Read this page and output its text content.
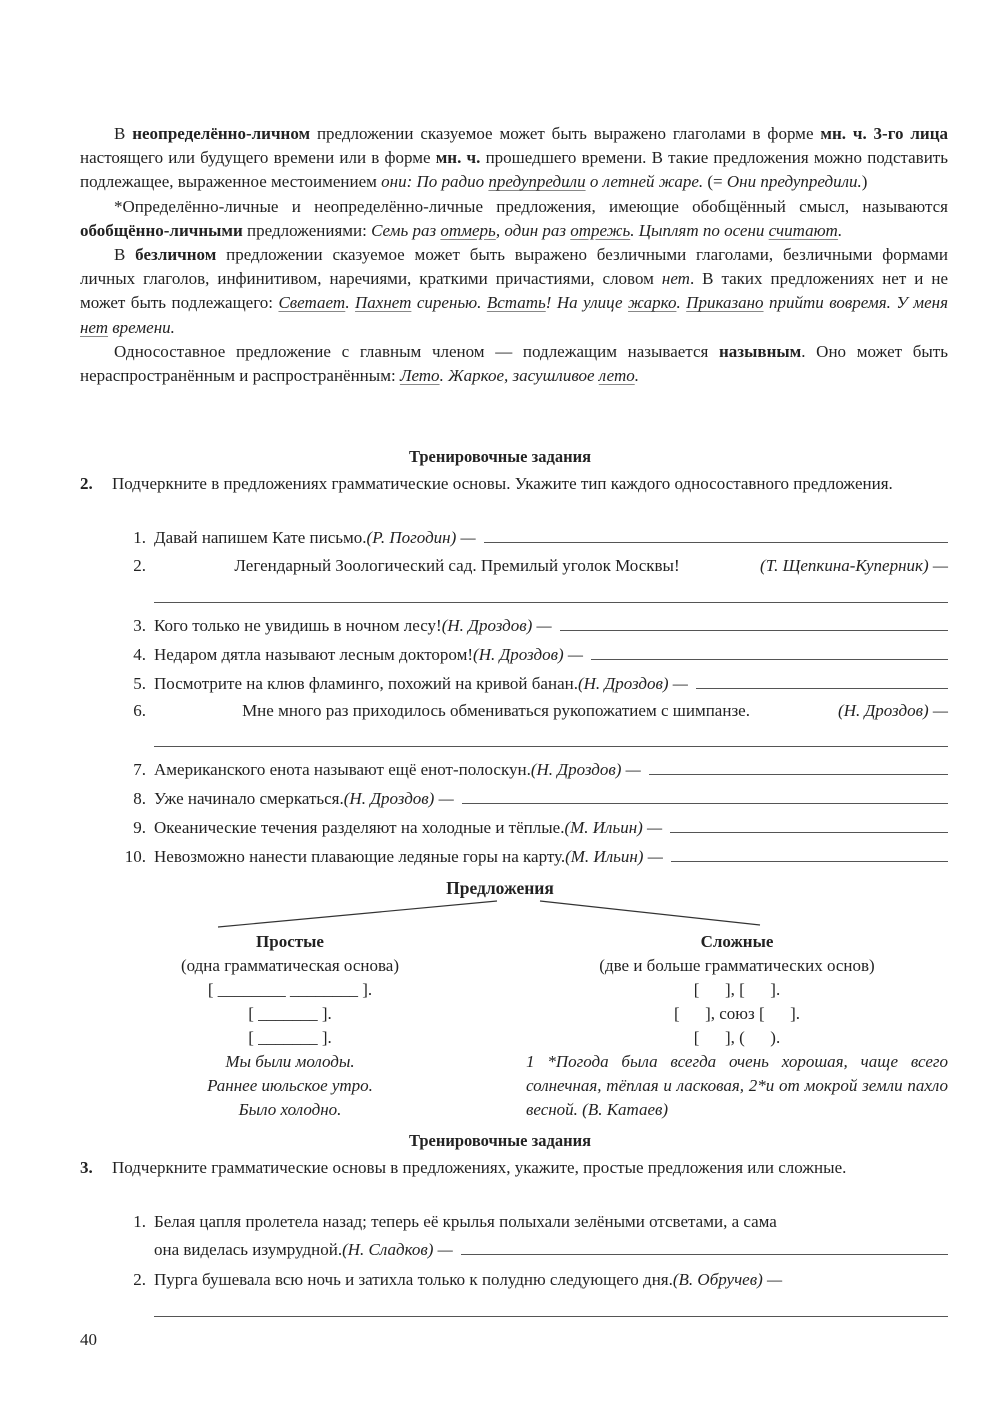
В неопределённо-личном предложении сказуемое может быть выражено глаголами в форме мн. ч. 3-го лица настоящего или будущего времени или в форме мн. ч. прошедшего времени. В такие предложения можно подставить подлежащее, выраженное местоимением они: По радио предупредили о летней жаре. (= Они предупредили.)

*Определённо-личные и неопределённо-личные предложения, имеющие обобщённый смысл, называются обобщённо-личными предложениями: Семь раз отмерь, один раз отрежь. Цыплят по осени считают.

В безличном предложении сказуемое может быть выражено безличными глаголами, безличными формами личных глаголов, инфинитивом, наречиями, краткими причастиями, словом нет. В таких предложениях нет и не может быть подлежащего: Светает. Пахнет сиренью. Встать! На улице жарко. Приказано прийти вовремя. У меня нет времени.

Односоставное предложение с главным членом — подлежащим называется назывным. Оно может быть нераспространённым и распространённым: Лето. Жаркое, засушливое лето.

Тренировочные задания
2. Подчеркните в предложениях грамматические основы. Укажите тип каждого односоставного предложения.
1. Давай напишем Кате письмо. (Р. Погодин) —
2.	Легендарный Зоологический сад. Премилый уголок Москвы!	(Т. Щепкина-Куперник) —
3. Кого только не увидишь в ночном лесу! (Н. Дроздов) —
4. Недаром дятла называют лесным доктором! (Н. Дроздов) —
5. Посмотрите на клюв фламинго, похожий на кривой банан. (Н. Дроздов) —
6.	Мне много раз приходилось обмениваться рукопожатием с шимпанзе.	(Н. Дроздов) —
7. Американского енота называют ещё енот-полоскун. (Н. Дроздов) —
8. Уже начинало смеркаться. (Н. Дроздов) —
9. Океанические течения разделяют на холодные и тёплые. (М. Ильин) —
10. Невозможно нанести плавающие ледяные горы на карту. (М. Ильин) —
Предложения
Простые
(одна грамматическая основа)
[ ________ ________ ].
[ _______ ].
[ _______ ].
Мы были молоды.
Раннее июльское утро.
Было холодно.
Сложные
(две и больше грамматических основ)
[      ], [      ].
[      ], союз [      ].
[      ], (      ).
1 *Погода была всегда очень хорошая, чаще всего солнечная, тёплая и ласковая, 2*и от мокрой земли пахло весной. (В. Катаев)
Тренировочные задания
3. Подчеркните грамматические основы в предложениях, укажите, простые предложения или сложные.
1. Белая цапля пролетела назад; теперь её крылья полыхали зелёными отсветами, а сама
она виделась изумрудной. (Н. Сладков) —
2. Пурга бушевала всю ночь и затихла только к полудню следующего дня. (В. Обручев) —
40
